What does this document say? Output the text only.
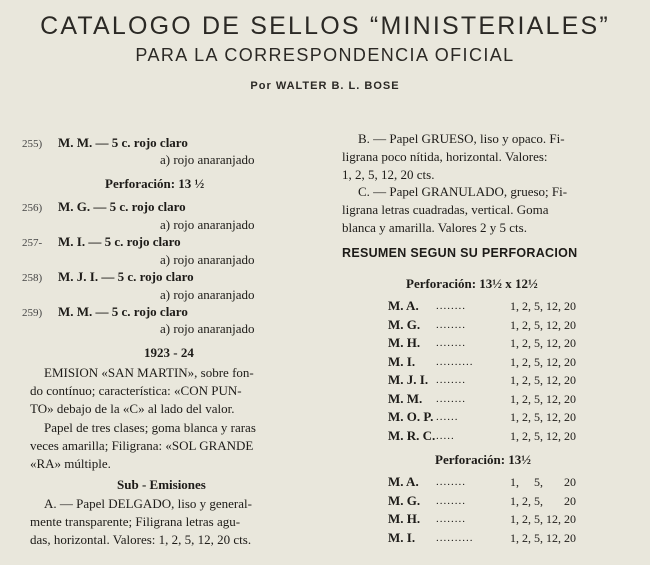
CATALOGO DE SELLOS “MINISTERIALES”
PARA LA CORRESPONDENCIA OFICIAL
Por WALTER B. L. BOSE
255) M. M. — 5 c. rojo claro
a) rojo anaranjado
Perforación: 13 ½
256) M. G. — 5 c. rojo claro
a) rojo anaranjado
257- M. I. — 5 c. rojo claro
a) rojo anaranjado
258) M. J. I. — 5 c. rojo claro
a) rojo anaranjado
259) M. M. — 5 c. rojo claro
a) rojo anaranjado
1923 - 24
EMISION «SAN MARTIN», sobre fon-
do contínuo; característica: «CON PUN-
TO» debajo de la «C» al lado del valor.
Papel de tres clases; goma blanca y raras
veces amarilla; Filigrana: «SOL GRANDE
«RA» múltiple.
Sub - Emisiones
A. — Papel DELGADO, liso y general-
mente transparente; Filigrana letras agu-
das, horizontal. Valores: 1, 2, 5, 12, 20 cts.
B. — Papel GRUESO, liso y opaco. Fi-
ligrana poco nítida, horizontal. Valores:
1, 2, 5, 12, 20 cts.
C. — Papel GRANULADO, grueso; Fi-
ligrana letras cuadradas, vertical. Goma
blanca y amarilla. Valores 2 y 5 cts.
RESUMEN SEGUN SU PERFORACION
Perforación: 13½ x 12½
M. A. ........	1, 2, 5, 12, 20
M. G. ........	1, 2, 5, 12, 20
M. H. ........	1, 2, 5, 12, 20
M. I. ..........	1, 2, 5, 12, 20
M. J. I. ........	1, 2, 5, 12, 20
M. M. ........	1, 2, 5, 12, 20
M. O. P. ......	1, 2, 5, 12, 20
M. R. C. .....	1, 2, 5, 12, 20
Perforación: 13½
M. A. ........	1,     5,       20
M. G. ........	1, 2, 5,       20
M. H. ........	1, 2, 5, 12, 20
M. I. ..........	1, 2, 5, 12, 20
